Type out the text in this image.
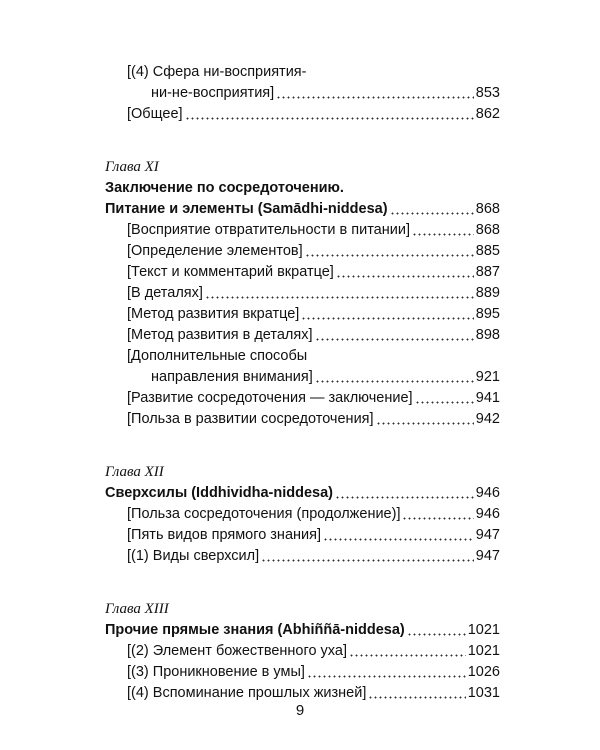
[(4) Сфера ни-восприятия-
ни-не-восприятия]	853
[Общее]	862
Глава XI
Заключение по сосредоточению.
Питание и элементы (Samādhi-niddesa)	868
[Восприятие отвратительности в питании]	868
[Определение элементов]	885
[Текст и комментарий вкратце]	887
[В деталях]	889
[Метод развития вкратце]	895
[Метод развития в деталях]	898
[Дополнительные способы
направления внимания]	921
[Развитие сосредоточения — заключение]	941
[Польза в развитии сосредоточения]	942
Глава XII
Сверхсилы (Iddhividha-niddesa)	946
[Польза сосредоточения (продолжение)]	946
[Пять видов прямого знания]	947
[(1) Виды сверхсил]	947
Глава XIII
Прочие прямые знания (Abhiññā-niddesa)	1021
[(2) Элемент божественного уха]	1021
[(3) Проникновение в умы]	1026
[(4) Вспоминание прошлых жизней]	1031
9
